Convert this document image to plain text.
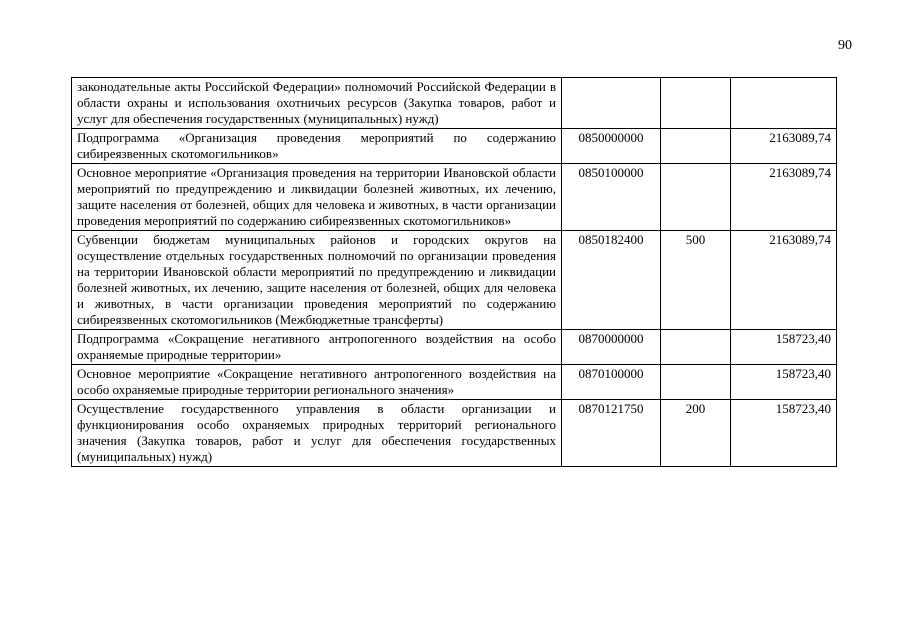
90
законодательные акты Российской Федерации» полномочий Российской Федерации в области охраны и использования охотничьих ресурсов (Закупка товаров, работ и услуг для обеспечения государственных (муниципальных) нужд)			
Подпрограмма «Организация проведения мероприятий по содержанию сибиреязвенных скотомогильников»	0850000000		2163089,74
Основное мероприятие «Организация проведения на территории Ивановской области мероприятий по предупреждению и ликвидации болезней животных, их лечению, защите населения от болезней, общих для человека и животных, в части организации проведения мероприятий по содержанию сибиреязвенных скотомогильников»	0850100000		2163089,74
Субвенции бюджетам муниципальных районов и городских округов на осуществление отдельных государственных полномочий по организации проведения на территории Ивановской области мероприятий по предупреждению и ликвидации болезней животных, их лечению, защите населения от болезней, общих для человека и животных, в части организации проведения мероприятий по содержанию сибиреязвенных скотомогильников (Межбюджетные трансферты)	0850182400	500	2163089,74
Подпрограмма «Сокращение негативного антропогенного воздействия на особо охраняемые природные территории»	0870000000		158723,40
Основное мероприятие «Сокращение негативного антропогенного воздействия на особо охраняемые природные территории регионального значения»	0870100000		158723,40
Осуществление государственного управления в области организации и функционирования особо охраняемых природных территорий регионального значения (Закупка товаров, работ и услуг для обеспечения государственных (муниципальных) нужд)	0870121750	200	158723,40
